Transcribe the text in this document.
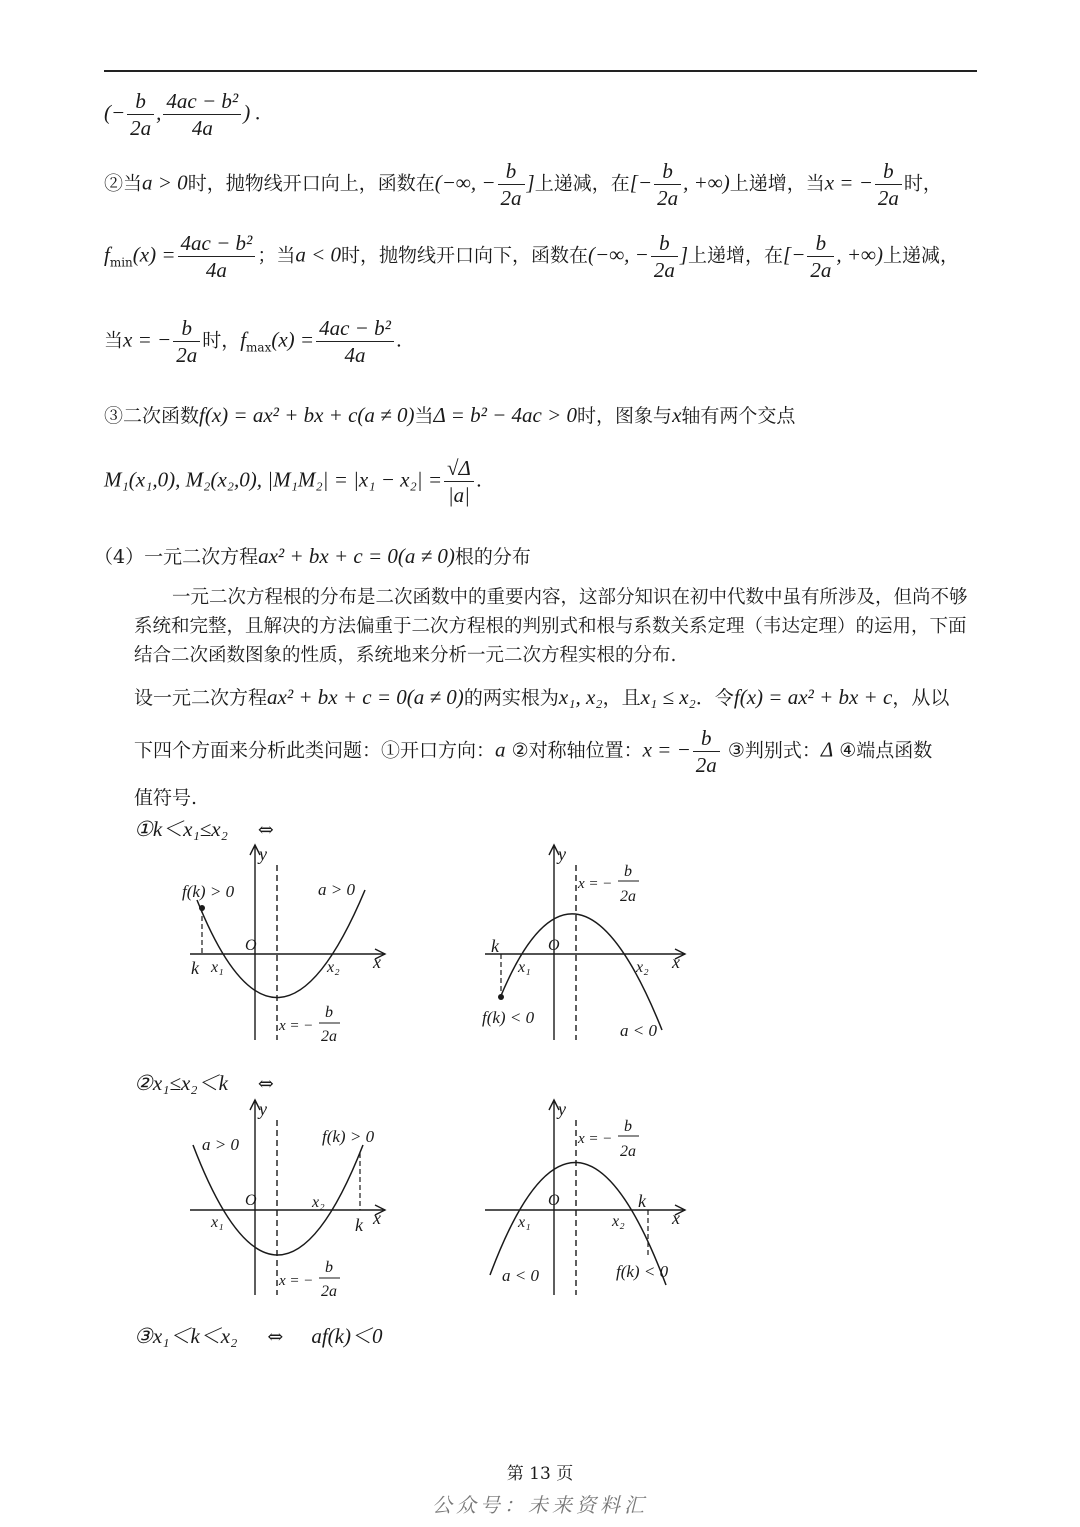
(− $\frac{b}{2a}$ , $\frac{\text{4ac − b²}}{4a}$ ) .
②当a > 0时，抛物线开口向上，函数在(−∞, − $\frac{b}{2a}$ ]上递减，在[− $\frac{b}{2a}$ , +∞)上递增，当x = − $\frac{b}{2a}$ 时，
$f_{min}(x) = \frac{\text{4ac − b²}}{4a}$ ；当a < 0时，抛物线开口向下，函数在(−∞, − $\frac{b}{2a}$ ]上递增，在[− $\frac{b}{2a}$ , +∞)上递减，
当x = − $\frac{b}{2a}$ 时，$f_{max}(x) = \frac{\text{4ac − b²}}{4a}$ .
③二次函数f(x) = ax² + bx + c(a ≠ 0)当Δ = b² − 4ac > 0时，图象与x轴有两个交点
M₁(x₁,0), M₂(x₂,0), $|M_1M_2| = |x_1 - x_2| = \frac{√\Delta}{|a|}$ .
（4）一元二次方程ax² + bx + c = 0(a ≠ 0)根的分布

一元二次方程根的分布是二次函数中的重要内容，这部分知识在初中代数中虽有所涉及，但尚不够系统和完整，且解决的方法偏重于二次方程根的判别式和根与系数关系定理（韦达定理）的运用，下面结合二次函数图象的性质，系统地来分析一元二次方程实根的分布.

设一元二次方程ax² + bx + c = 0(a ≠ 0)的两实根为x₁, x₂，且x₁ ≤ x₂．令f(x) = ax² + bx + c，从以
下四个方面来分析此类问题：①开口方向：a ②对称轴位置：x = − $\frac{b}{2a}$ ③判别式：Δ ④端点函数
值符号.
①k＜x₁≤x₂ ⇔
y
x
O
x₁	x₂
k
f(k) > 0	a > 0
x = −
b
2a
y
x
O
x₁	x₂
k
f(k) < 0
a < 0
x = −
b
2a
②x₁≤x₂＜k ⇔
y
x
O
x₁
x₂
k
a > 0	f(k) > 0
x = −
b
2a
y
x
O
x₁	x₂
k
a < 0	f(k) < 0
x = −
b
2a
③x₁＜k＜x₂ ⇔ af(k)＜0
第 13 页
公众号：未来资料汇
